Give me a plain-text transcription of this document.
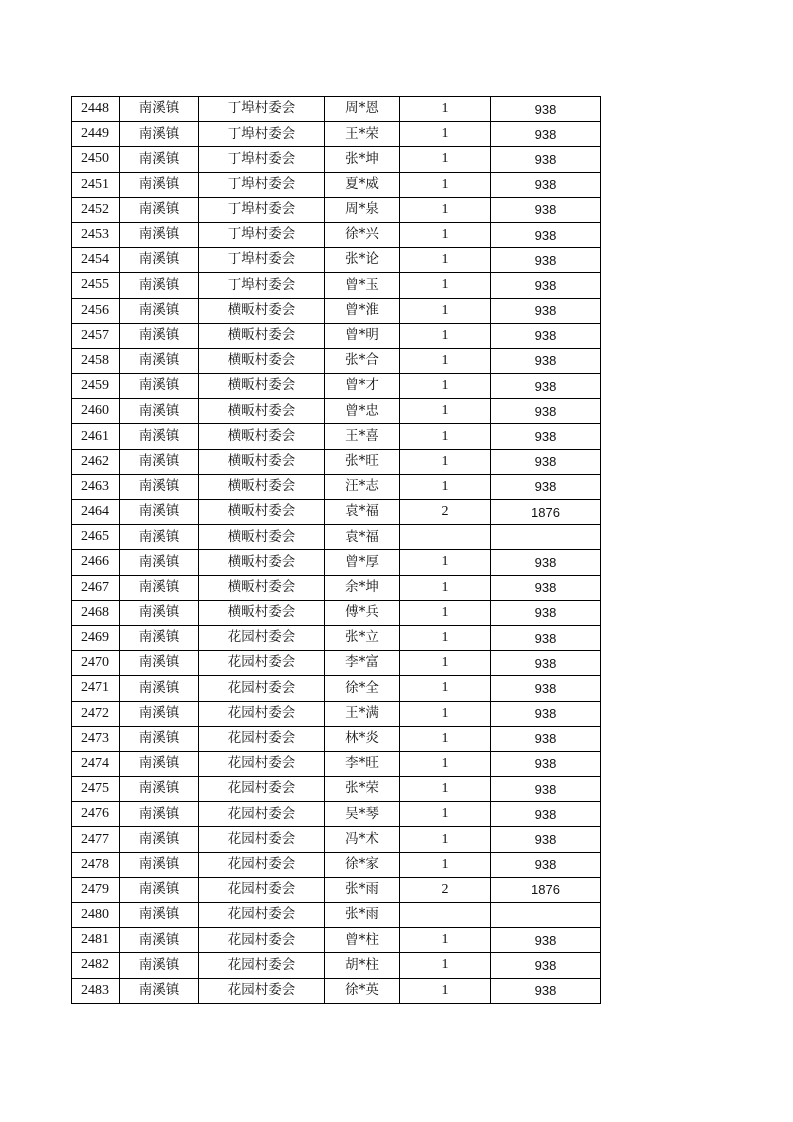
2448	南溪镇	丁埠村委会	周*恩	1	938
2449	南溪镇	丁埠村委会	王*荣	1	938
2450	南溪镇	丁埠村委会	张*坤	1	938
2451	南溪镇	丁埠村委会	夏*威	1	938
2452	南溪镇	丁埠村委会	周*泉	1	938
2453	南溪镇	丁埠村委会	徐*兴	1	938
2454	南溪镇	丁埠村委会	张*论	1	938
2455	南溪镇	丁埠村委会	曾*玉	1	938
2456	南溪镇	横畈村委会	曾*淮	1	938
2457	南溪镇	横畈村委会	曾*明	1	938
2458	南溪镇	横畈村委会	张*合	1	938
2459	南溪镇	横畈村委会	曾*才	1	938
2460	南溪镇	横畈村委会	曾*忠	1	938
2461	南溪镇	横畈村委会	王*喜	1	938
2462	南溪镇	横畈村委会	张*旺	1	938
2463	南溪镇	横畈村委会	汪*志	1	938
2464	南溪镇	横畈村委会	袁*福	2	1876
2465	南溪镇	横畈村委会	袁*福		
2466	南溪镇	横畈村委会	曾*厚	1	938
2467	南溪镇	横畈村委会	余*坤	1	938
2468	南溪镇	横畈村委会	傅*兵	1	938
2469	南溪镇	花园村委会	张*立	1	938
2470	南溪镇	花园村委会	李*富	1	938
2471	南溪镇	花园村委会	徐*全	1	938
2472	南溪镇	花园村委会	王*满	1	938
2473	南溪镇	花园村委会	林*炎	1	938
2474	南溪镇	花园村委会	李*旺	1	938
2475	南溪镇	花园村委会	张*荣	1	938
2476	南溪镇	花园村委会	吴*琴	1	938
2477	南溪镇	花园村委会	冯*术	1	938
2478	南溪镇	花园村委会	徐*家	1	938
2479	南溪镇	花园村委会	张*雨	2	1876
2480	南溪镇	花园村委会	张*雨		
2481	南溪镇	花园村委会	曾*柱	1	938
2482	南溪镇	花园村委会	胡*柱	1	938
2483	南溪镇	花园村委会	徐*英	1	938
